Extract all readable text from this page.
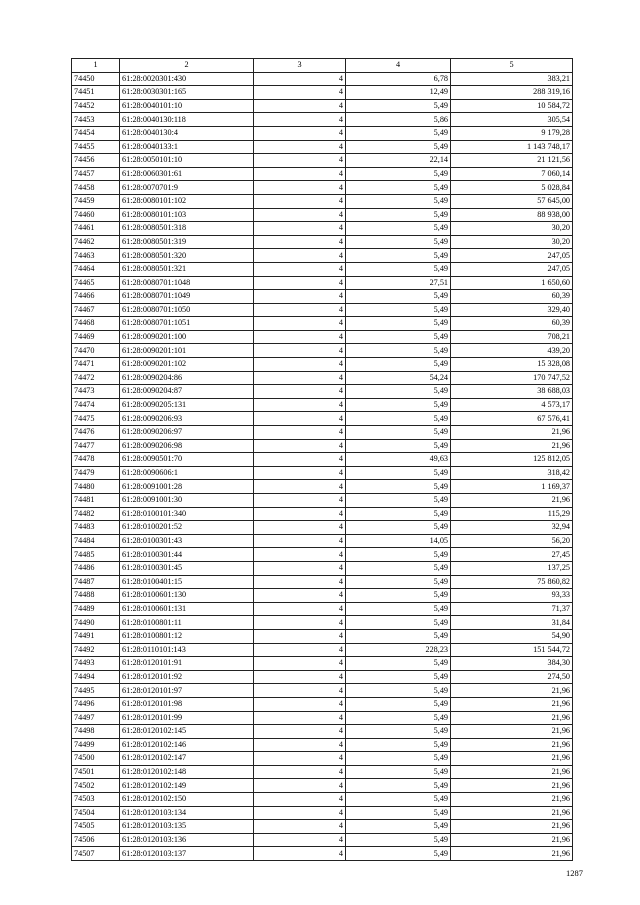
1	2	3	4	5
74450	61:28:0020301:430	4	6,78	383,21
74451	61:28:0030301:165	4	12,49	288 319,16
74452	61:28:0040101:10	4	5,49	10 584,72
74453	61:28:0040130:118	4	5,86	305,54
74454	61:28:0040130:4	4	5,49	9 179,28
74455	61:28:0040133:1	4	5,49	1 143 748,17
74456	61:28:0050101:10	4	22,14	21 121,56
74457	61:28:0060301:61	4	5,49	7 060,14
74458	61:28:0070701:9	4	5,49	5 028,84
74459	61:28:0080101:102	4	5,49	57 645,00
74460	61:28:0080101:103	4	5,49	88 938,00
74461	61:28:0080501:318	4	5,49	30,20
74462	61:28:0080501:319	4	5,49	30,20
74463	61:28:0080501:320	4	5,49	247,05
74464	61:28:0080501:321	4	5,49	247,05
74465	61:28:0080701:1048	4	27,51	1 650,60
74466	61:28:0080701:1049	4	5,49	60,39
74467	61:28:0080701:1050	4	5,49	329,40
74468	61:28:0080701:1051	4	5,49	60,39
74469	61:28:0090201:100	4	5,49	708,21
74470	61:28:0090201:101	4	5,49	439,20
74471	61:28:0090201:102	4	5,49	15 328,08
74472	61:28:0090204:86	4	54,24	170 747,52
74473	61:28:0090204:87	4	5,49	38 688,03
74474	61:28:0090205:131	4	5,49	4 573,17
74475	61:28:0090206:93	4	5,49	67 576,41
74476	61:28:0090206:97	4	5,49	21,96
74477	61:28:0090206:98	4	5,49	21,96
74478	61:28:0090501:70	4	49,63	125 812,05
74479	61:28:0090606:1	4	5,49	318,42
74480	61:28:0091001:28	4	5,49	1 169,37
74481	61:28:0091001:30	4	5,49	21,96
74482	61:28:0100101:340	4	5,49	115,29
74483	61:28:0100201:52	4	5,49	32,94
74484	61:28:0100301:43	4	14,05	56,20
74485	61:28:0100301:44	4	5,49	27,45
74486	61:28:0100301:45	4	5,49	137,25
74487	61:28:0100401:15	4	5,49	75 860,82
74488	61:28:0100601:130	4	5,49	93,33
74489	61:28:0100601:131	4	5,49	71,37
74490	61:28:0100801:11	4	5,49	31,84
74491	61:28:0100801:12	4	5,49	54,90
74492	61:28:0110101:143	4	228,23	151 544,72
74493	61:28:0120101:91	4	5,49	384,30
74494	61:28:0120101:92	4	5,49	274,50
74495	61:28:0120101:97	4	5,49	21,96
74496	61:28:0120101:98	4	5,49	21,96
74497	61:28:0120101:99	4	5,49	21,96
74498	61:28:0120102:145	4	5,49	21,96
74499	61:28:0120102:146	4	5,49	21,96
74500	61:28:0120102:147	4	5,49	21,96
74501	61:28:0120102:148	4	5,49	21,96
74502	61:28:0120102:149	4	5,49	21,96
74503	61:28:0120102:150	4	5,49	21,96
74504	61:28:0120103:134	4	5,49	21,96
74505	61:28:0120103:135	4	5,49	21,96
74506	61:28:0120103:136	4	5,49	21,96
74507	61:28:0120103:137	4	5,49	21,96
1287
